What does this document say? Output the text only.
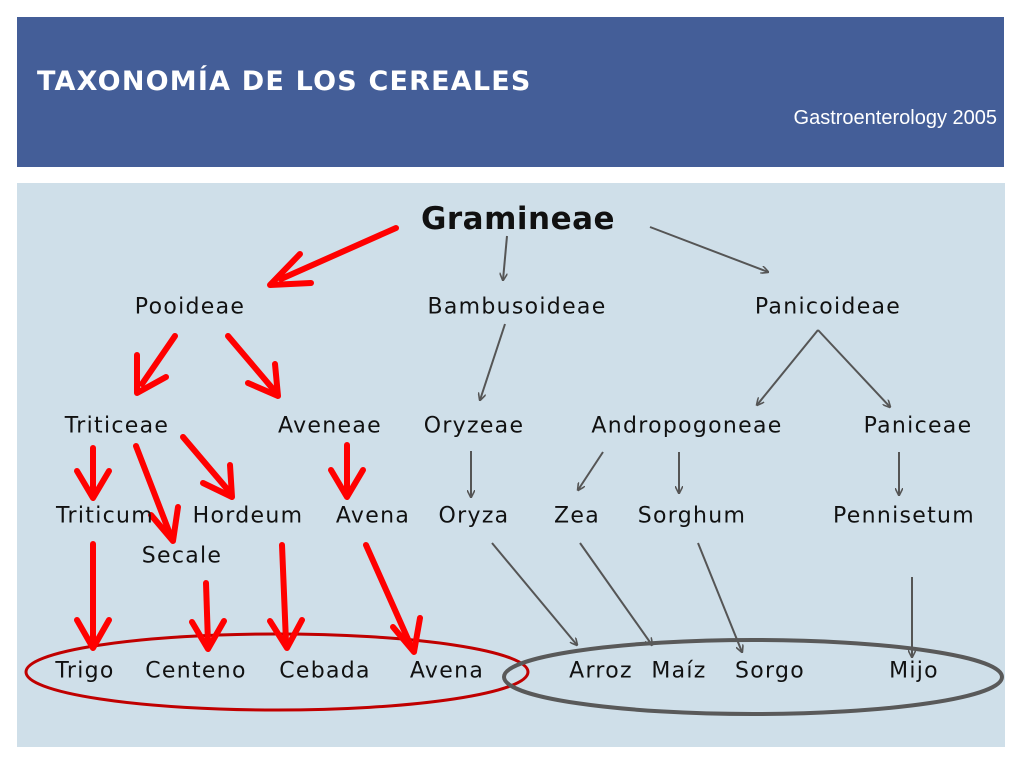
TAXONOMÍA DE LOS CEREALES
Gastroenterology 2005
Gramineae
Pooideae	Bambusoideae	Panicoideae
Triticeae	Aveneae Oryzeae	Andropogoneae	Paniceae
Triticum
Secale
Hordeum Avena Oryza Zea Sorghum	Pennisetum
Trigo Centeno Cebada Avena	Arroz Maíz Sorgo	Mijo
